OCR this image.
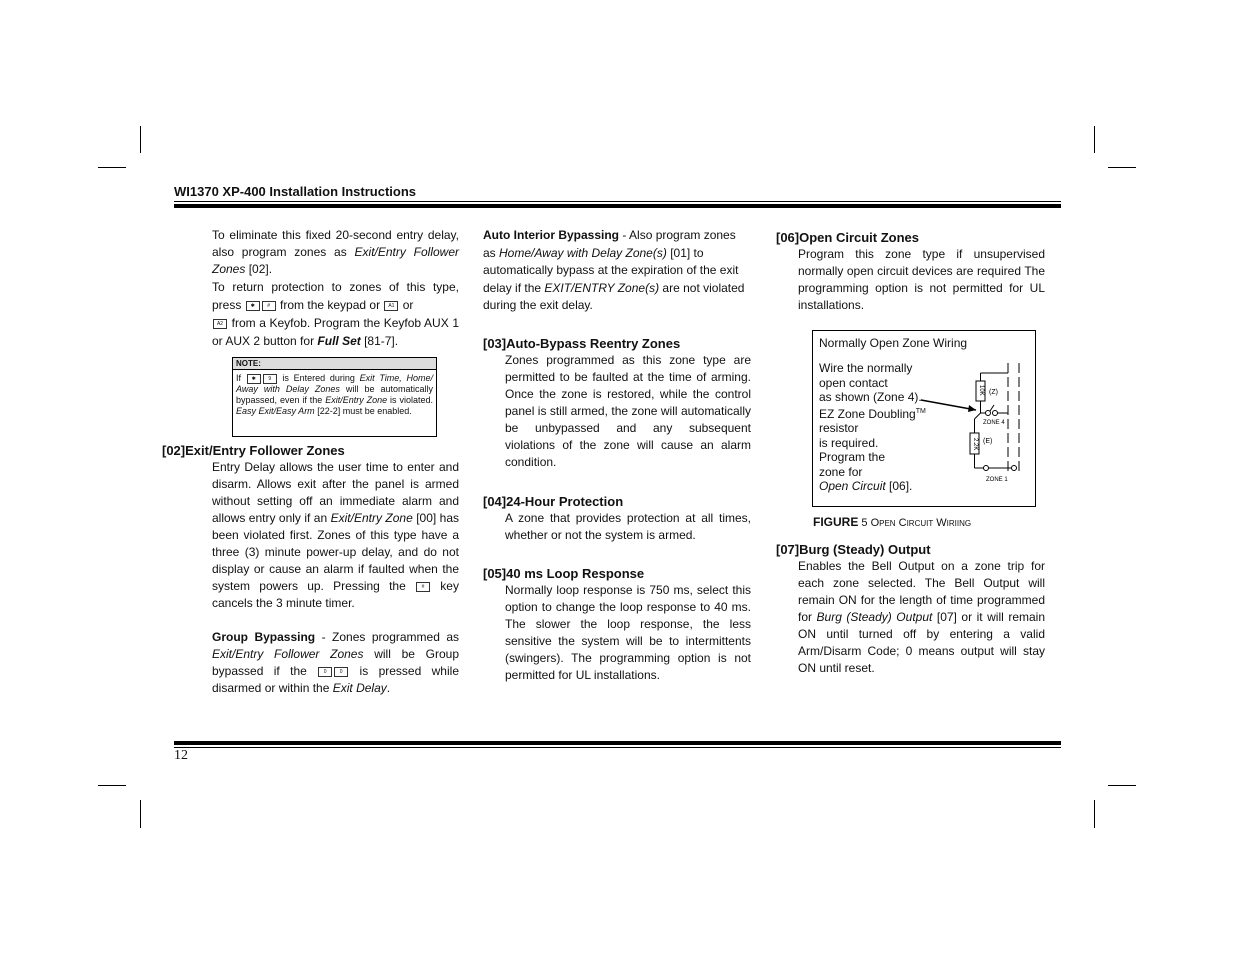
WI1370 XP-400 Installation Instructions
12

To eliminate this fixed 20-second entry delay, also program zones as Exit/Entry Follower Zones [02].

To return protection to zones of this type, press ✱	# from the keypad or A1 or
A2 from a Keyfob. Program the Keyfob AUX 1 or AUX 2 button for Full Set [81-7].

NOTE:
If ✱	9 is Entered during Exit Time, Home/ Away with Delay Zones will be automatically bypassed, even if the Exit/Entry Zone is violated. Easy Exit/Easy Arm [22-2] must be enabled.
[02]Exit/Entry Follower Zones

Entry Delay allows the user time to enter and disarm. Allows exit after the panel is armed without setting off an immediate alarm and allows entry only if an Exit/Entry Zone [00] has been violated first. Zones of this type have a three (3) minute power-up delay, and do not display or cause an alarm if faulted when the system powers up. Pressing the # key cancels the 3 minute timer.

Group Bypassing - Zones programmed as Exit/Entry Follower Zones will be Group bypassed if the 0	0 is pressed while disarmed or within the Exit Delay.

Auto Interior Bypassing - Also program zones as Home/Away with Delay Zone(s) [01] to automatically bypass at the expiration of the exit delay if the EXIT/ENTRY Zone(s) are not violated during the exit delay.

[03]Auto-Bypass Reentry Zones

Zones programmed as this zone type are permitted to be faulted at the time of arming. Once the zone is restored, while the control panel is still armed, the zone will automatically be unbypassed and any subsequent violations of the zone will cause an alarm condition.

[04]24-Hour Protection

A zone that provides protection at all times, whether or not the system is armed.

[05]40 ms Loop Response

Normally loop response is 750 ms, select this option to change the loop response to 40 ms. The slower the loop response, the less sensitive the system will be to intermittents (swingers). The programming option is not permitted for UL installations.

[06]Open Circuit Zones

Program this zone type if unsupervised normally open circuit devices are required The programming option is not permitted for UL installations.

Normally Open Zone Wiring
Wire the normally
open contact
as shown (Zone 4).
EZ Zone Doubling™
resistor
is required.
Program the
zone for
Open Circuit [06].
10K
2.2K
(Z)
(E)
ZONE 4
ZONE 1
FIGURE 5 Open Circuit Wiriing
[07]Burg (Steady) Output

Enables the Bell Output on a zone trip for each zone selected. The Bell Output will remain ON for the length of time programmed for Burg (Steady) Output [07] or it will remain ON until turned off by entering a valid Arm/Disarm Code; 0 means output will stay ON until reset.
